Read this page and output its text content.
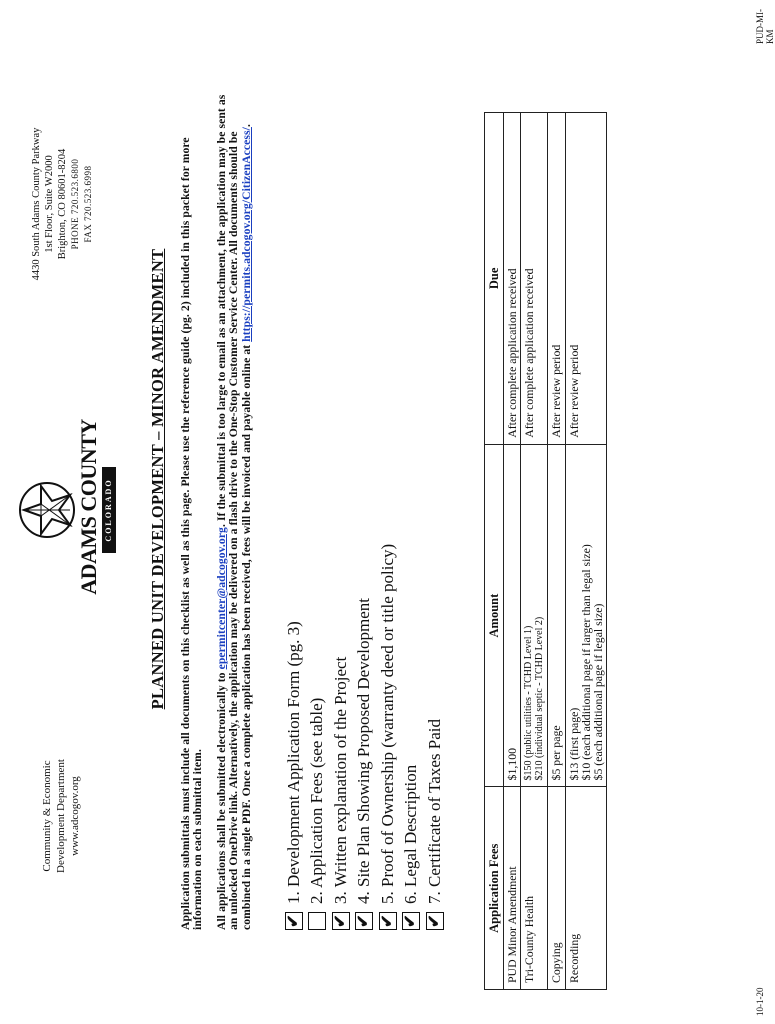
Community & Economic Development Department www.adcogov.org
ADAMS COUNTY COLORADO
4430 South Adams County Parkway 1st Floor, Suite W2000 Brighton, CO 80601-8204 PHONE 720.523.6800 FAX 720.523.6998
PLANNED UNIT DEVELOPMENT – MINOR AMENDMENT Application submittals must include all documents on this checklist as well as this page. Please use the reference guide (pg. 2) included in this packet for more information on each submittal item. All applications shall be submitted electronically to epermitcenter@adcogov.org. If the submittal is too large to email as an attachment, the application may be sent as an unlocked OneDrive link. Alternatively, the application may be delivered on a flash drive to the One-Stop Customer Service Center. All documents should be combined in a single PDF. Once a complete application has been received, fees will be invoiced and payable online at https://permits.adcogov.org/CitizenAccess/.
✔
1. Development Application Form (pg. 3) 2. Application Fees (see table)
✔
3. Written explanation of the Project
✔
4. Site Plan Showing Proposed Development
✔
5. Proof of Ownership (warranty deed or title policy)
✔
6. Legal Description
✔
7. Certificate of Taxes Paid	Application Fees	Amount	Due
PUD Minor Amendment	$1,100	After complete application received
Tri-County Health	$150 (public utilities - TCHD Level 1) $210 (individual septic - TCHD Level 2)	After complete application received
Copying	$5 per page	After review period
Recording	$13 (first page)
$10 (each additional page if larger than legal size)
$5 (each additional page if legal size)	After review period
10-1-20
PUD-MI-KM
